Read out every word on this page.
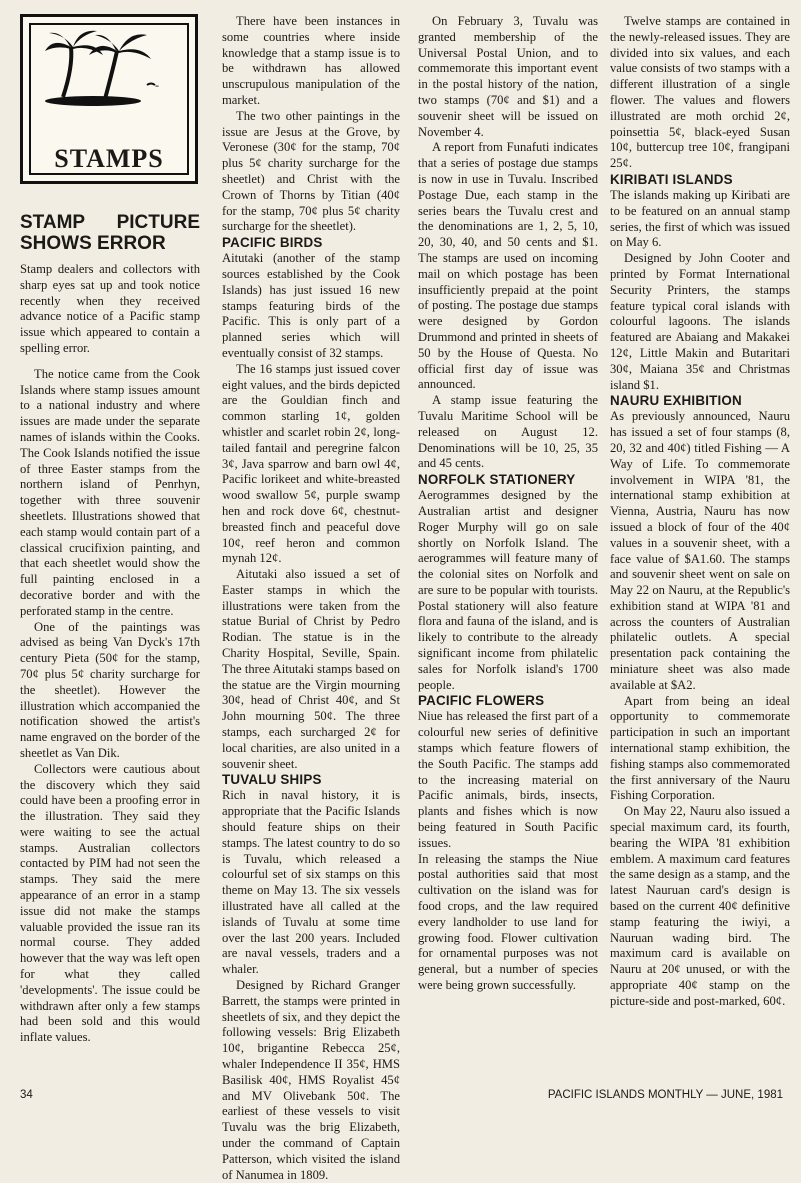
-
STAMPS
STAMP PICTURE SHOWS ERROR

Stamp dealers and collectors with sharp eyes sat up and took notice recently when they received advance notice of a Pacific stamp issue which appeared to contain a spelling error.

The notice came from the Cook Islands where stamp issues amount to a national industry and where issues are made under the separate names of islands within the Cooks. The Cook Islands notified the issue of three Easter stamps from the northern island of Penrhyn, together with three souvenir sheetlets. Illustrations showed that each stamp would contain part of a classical crucifixion painting, and that each sheetlet would show the full painting enclosed in a decorative border and with the perforated stamp in the centre.

One of the paintings was advised as being Van Dyck's 17th century Pieta (50¢ for the stamp, 70¢ plus 5¢ charity surcharge for the sheetlet). However the illustration which accompanied the notification showed the artist's name engraved on the border of the sheetlet as Van Dik.

Collectors were cautious about the discovery which they said could have been a proofing error in the illustration. They said they were waiting to see the actual stamps. Australian collectors contacted by PIM had not seen the stamps. They said the mere appearance of an error in a stamp issue did not make the stamps valuable provided the issue ran its normal course. They added however that the way was left open for what they called 'developments'. The issue could be withdrawn after only a few stamps had been sold and this would inflate values.

There have been instances in some countries where inside knowledge that a stamp issue is to be withdrawn has allowed unscrupulous manipulation of the market.

The two other paintings in the issue are Jesus at the Grove, by Veronese (30¢ for the stamp, 70¢ plus 5¢ charity surcharge for the sheetlet) and Christ with the Crown of Thorns by Titian (40¢ for the stamp, 70¢ plus 5¢ charity surcharge for the sheetlet).

PACIFIC BIRDS

Aitutaki (another of the stamp sources established by the Cook Islands) has just issued 16 new stamps featuring birds of the Pacific. This is only part of a planned series which will eventually consist of 32 stamps.

The 16 stamps just issued cover eight values, and the birds depicted are the Gouldian finch and common starling 1¢, golden whistler and scarlet robin 2¢, long-tailed fantail and peregrine falcon 3¢, Java sparrow and barn owl 4¢, Pacific lorikeet and white-breasted wood swallow 5¢, purple swamp hen and rock dove 6¢, chestnut-breasted finch and peaceful dove 10¢, reef heron and common mynah 12¢.

Aitutaki also issued a set of Easter stamps in which the illustrations were taken from the statue Burial of Christ by Pedro Rodian. The statue is in the Charity Hospital, Seville, Spain. The three Aitutaki stamps based on the statue are the Virgin mourning 30¢, head of Christ 40¢, and St John mourning 50¢. The three stamps, each surcharged 2¢ for local charities, are also united in a souvenir sheet.

TUVALU SHIPS

Rich in naval history, it is appropriate that the Pacific Islands should feature ships on their stamps. The latest country to do so is Tuvalu, which released a colourful set of six stamps on this theme on May 13. The six vessels illustrated have all called at the islands of Tuvalu at some time over the last 200 years. Included are naval vessels, traders and a whaler.

Designed by Richard Granger Barrett, the stamps were printed in sheetlets of six, and they depict the following vessels: Brig Elizabeth 10¢, brigantine Rebecca 25¢, whaler Independence II 35¢, HMS Basilisk 40¢, HMS Royalist 45¢ and MV Olivebank 50¢. The earliest of these vessels to visit Tuvalu was the brig Elizabeth, under the command of Captain Patterson, which visited the island of Nanumea in 1809.

On February 3, Tuvalu was granted membership of the Universal Postal Union, and to commemorate this important event in the postal history of the nation, two stamps (70¢ and $1) and a souvenir sheet will be issued on November 4.

A report from Funafuti indicates that a series of postage due stamps is now in use in Tuvalu. Inscribed Postage Due, each stamp in the series bears the Tuvalu crest and the denominations are 1, 2, 5, 10, 20, 30, 40, and 50 cents and $1. The stamps are used on incoming mail on which postage has been insufficiently prepaid at the point of posting. The postage due stamps were designed by Gordon Drummond and printed in sheets of 50 by the House of Questa. No official first day of issue was announced.

A stamp issue featuring the Tuvalu Maritime School will be released on August 12. Denominations will be 10, 25, 35 and 45 cents.

NORFOLK STATIONERY

Aerogrammes designed by the Australian artist and designer Roger Murphy will go on sale shortly on Norfolk Island. The aerogrammes will feature many of the colonial sites on Norfolk and are sure to be popular with tourists. Postal stationery will also feature flora and fauna of the island, and is likely to contribute to the already significant income from philatelic sales for Norfolk island's 1700 people.

PACIFIC FLOWERS

Niue has released the first part of a colourful new series of definitive stamps which feature flowers of the South Pacific. The stamps add to the increasing material on Pacific animals, birds, insects, plants and fishes which is now being featured in South Pacific issues.

In releasing the stamps the Niue postal authorities said that most cultivation on the island was for food crops, and the law required every landholder to use land for growing food. Flower cultivation for ornamental purposes was not general, but a number of species were being grown successfully.

Twelve stamps are contained in the newly-released issues. They are divided into six values, and each value consists of two stamps with a different illustration of a single flower. The values and flowers illustrated are moth orchid 2¢, poinsettia 5¢, black-eyed Susan 10¢, buttercup tree 10¢, frangipani 25¢.

KIRIBATI ISLANDS

The islands making up Kiribati are to be featured on an annual stamp series, the first of which was issued on May 6.

Designed by John Cooter and printed by Format International Security Printers, the stamps feature typical coral islands with colourful lagoons. The islands featured are Abaiang and Makakei 12¢, Little Makin and Butaritari 30¢, Maiana 35¢ and Christmas island $1.

NAURU EXHIBITION

As previously announced, Nauru has issued a set of four stamps (8, 20, 32 and 40¢) titled Fishing — A Way of Life. To commemorate involvement in WIPA '81, the international stamp exhibition at Vienna, Austria, Nauru has now issued a block of four of the 40¢ values in a souvenir sheet, with a face value of $A1.60. The stamps and souvenir sheet went on sale on May 22 on Nauru, at the Republic's exhibition stand at WIPA '81 and across the counters of Australian philatelic outlets. A special presentation pack containing the miniature sheet was also made available at $A2.

Apart from being an ideal opportunity to commemorate participation in such an important international stamp exhibition, the fishing stamps also commemorated the first anniversary of the Nauru Fishing Corporation.

On May 22, Nauru also issued a special maximum card, its fourth, bearing the WIPA '81 exhibition emblem. A maximum card features the same design as a stamp, and the latest Nauruan card's design is based on the current 40¢ definitive stamp featuring the iwiyi, a Nauruan wading bird. The maximum card is available on Nauru at 20¢ unused, or with the appropriate 40¢ stamp on the picture-side and post-marked, 60¢.

34	PACIFIC ISLANDS MONTHLY — JUNE, 1981
